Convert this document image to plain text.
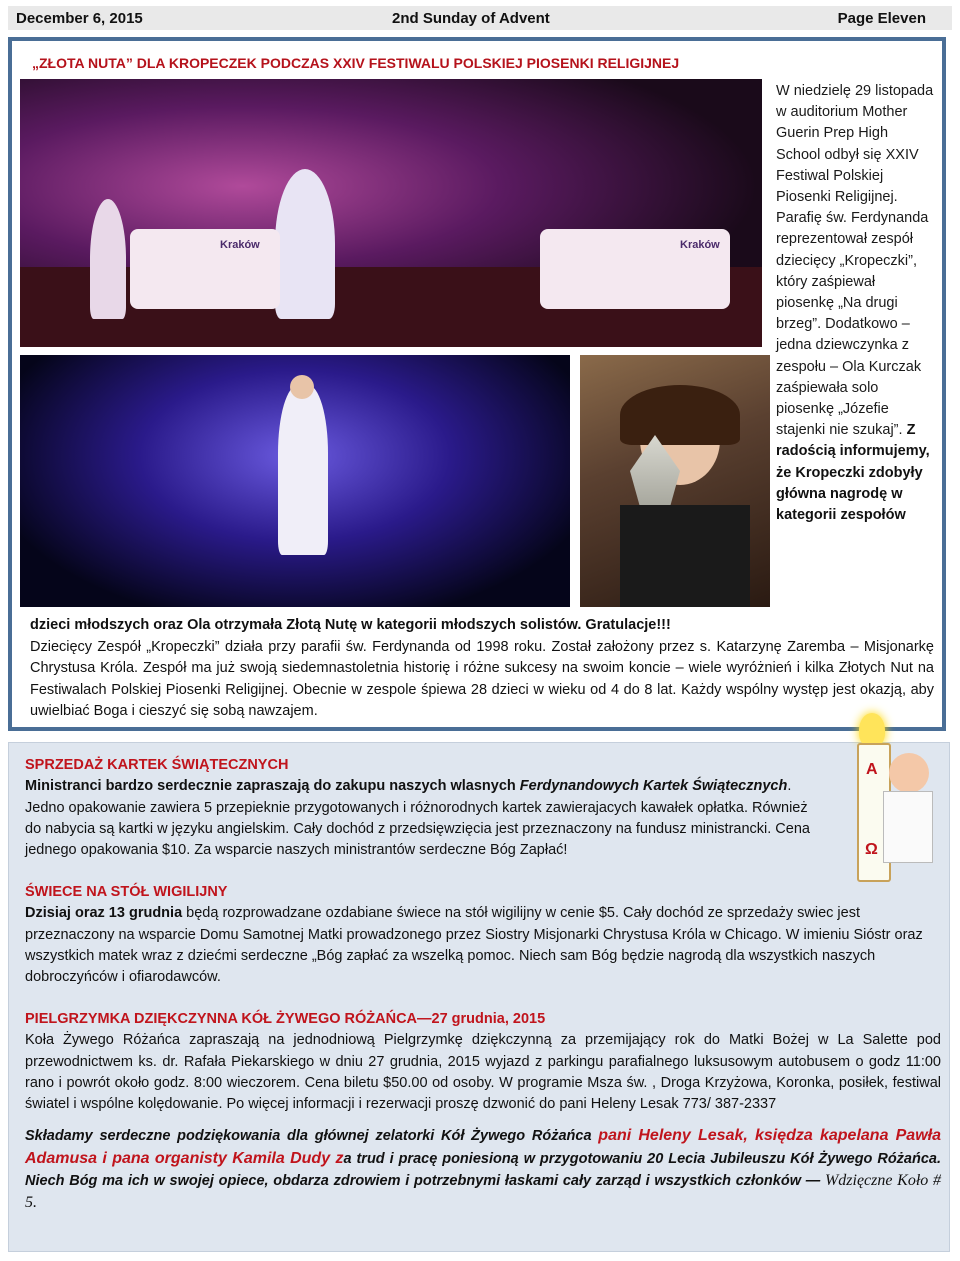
December 6, 2015	2nd Sunday of Advent	Page Eleven
„ZŁOTA NUTA” DLA KROPECZEK PODCZAS XXIV FESTIWALU POLSKIEJ PIOSENKI RELIGIJNEJ
Kraków	Kraków
W niedzielę 29 listopada w auditorium Mother Guerin Prep High School odbył się XXIV Festiwal Polskiej Piosenki Religijnej. Parafię św. Ferdynanda reprezentował zespół dziecięcy „Kropeczki”, który zaśpiewał piosenkę „Na drugi brzeg”. Dodatkowo – jedna dziewczynka z zespołu – Ola Kurczak zaśpiewała solo piosenkę „Józefie stajenki nie szukaj”. Z radością informujemy, że Kropeczki zdobyły główna nagrodę w kategorii zespołów
dzieci młodszych oraz Ola otrzymała Złotą Nutę w kategorii młodszych solistów. Gratulacje!!!
Dziecięcy Zespół „Kropeczki” działa przy parafii św. Ferdynanda od 1998 roku. Został założony przez s. Katarzynę Zaremba – Misjonarkę Chrystusa Króla. Zespół ma już swoją siedemnastoletnia historię i różne sukcesy na swoim koncie – wiele wyróżnień i kilka Złotych Nut na Festiwalach Polskiej Piosenki Religijnej. Obecnie w zespole śpiewa 28 dzieci w wieku od 4 do 8 lat. Każdy wspólny występ jest okazją, aby uwielbiać Boga i cieszyć się sobą nawzajem.
A
Ω
SPRZEDAŻ KARTEK ŚWIĄTECZNYCH
Ministranci bardzo serdecznie zapraszają do zakupu naszych wlasnych Ferdynandowych Kartek Świątecznych. Jedno opakowanie zawiera 5 przepieknie przygotowanych i różnorodnych kartek zawierajacych kawałek opłatka. Również do nabycia są kartki w języku angielskim. Cały dochód z przedsięwzięcia jest przeznaczony na fundusz ministrancki. Cena jednego opakowania $10. Za wsparcie naszych ministrantów serdeczne Bóg Zapłać!
ŚWIECE NA STÓŁ WIGILIJNY
Dzisiaj oraz 13 grudnia będą rozprowadzane ozdabiane świece na stół wigilijny w cenie $5. Cały dochód ze sprzedaży swiec jest przeznaczony na wsparcie Domu Samotnej Matki prowadzonego przez Siostry Misjonarki Chrystusa Króla w Chicago. W imieniu Sióstr oraz wszystkich matek wraz z dziećmi serdeczne „Bóg zapłać za wszelką pomoc. Niech sam Bóg będzie nagrodą dla wszystkich naszych dobroczyńców i ofiarodawców.
PIELGRZYMKA DZIĘKCZYNNA KÓŁ ŻYWEGO RÓŻAŃCA—27 grudnia, 2015
Koła Żywego Różańca zapraszają na jednodniową Pielgrzymkę dziękczynną za przemijający rok do Matki Bożej w La Salette pod przewodnictwem ks. dr. Rafała Piekarskiego w dniu 27 grudnia, 2015 wyjazd z parkingu parafialnego luksusowym autobusem o godz 11:00 rano i powrót około godz. 8:00 wieczorem. Cena biletu $50.00 od osoby. W programie Msza św. , Droga Krzyżowa, Koronka, posiłek, festiwal światel i wspólne kolędowanie. Po więcej informacji i rezerwacji proszę dzwonić do pani Heleny Lesak 773/ 387-2337
Składamy serdeczne podziękowania dla głównej zelatorki Kół Żywego Różańca pani Heleny Lesak, księdza kapelana Pawła Adamusa i pana organisty Kamila Dudy za trud i pracę poniesioną w przygotowaniu 20 Lecia Jubileuszu Kół Żywego Różańca. Niech Bóg ma ich w swojej opiece, obdarza zdrowiem i potrzebnymi łaskami cały zarząd i wszystkich członków — Wdzięczne Koło # 5.
